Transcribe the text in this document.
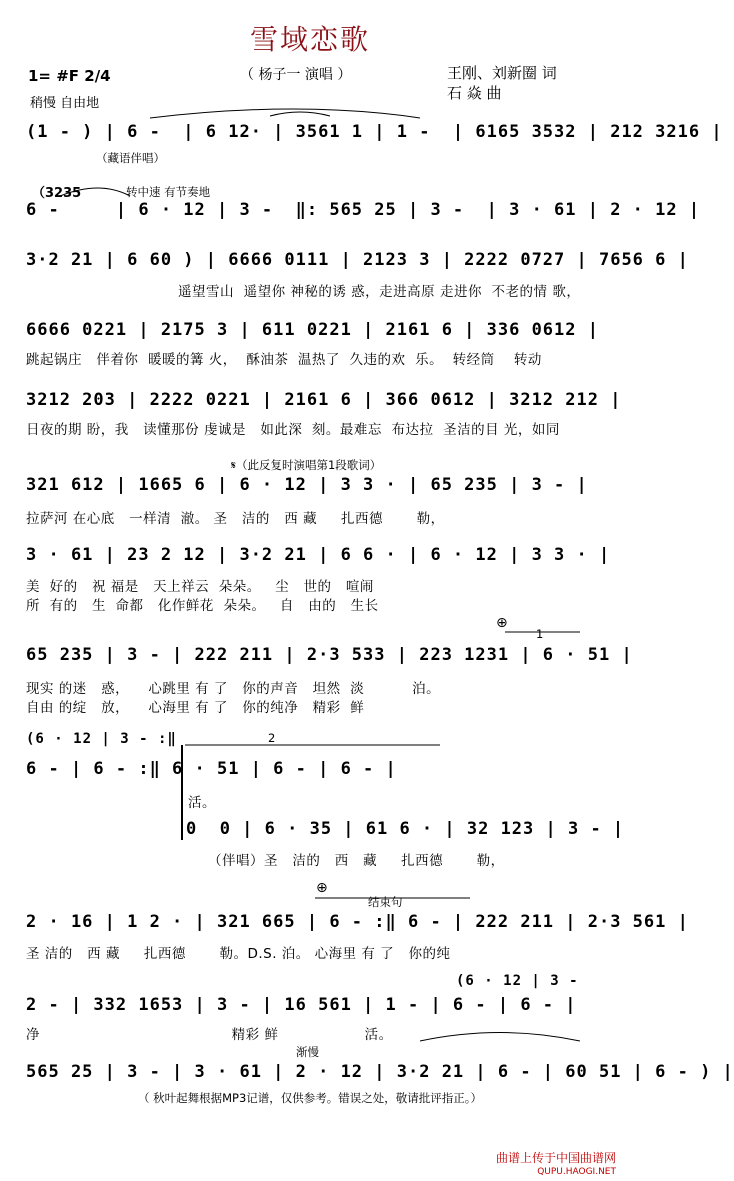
雪域恋歌
（ 杨子一 演唱 ）	王刚、刘新圈 词
石 焱 曲
1= #F 2/4
稍慢 自由地
(1 - ) | 6 -  | 6 12· | 3561 1 | 1 -  | 6165 3532 | 212 3216 |
（藏语伴唱）
（3235	转中速 有节奏地
6 -     | 6 · 12 | 3 -  ‖: 565 25 | 3 -  | 3 · 61 | 2 · 12 |
3·2 21 | 6 60 ) | 6666 0111 | 2123 3 | 2222 0727 | 7656 6 |
遥望雪山  遥望你 神秘的诱 惑，走进高原 走进你  不老的情 歌，
6666 0221 | 2175 3 | 611 0221 | 2161 6 | 336 0612 |
跳起锅庄   伴着你  暖暖的篝 火，  酥油茶  温热了  久违的欢  乐。  转经筒    转动
3212 203 | 2222 0221 | 2161 6 | 366 0612 | 3212 212 |
日夜的期 盼，我   读懂那份 虔诚是   如此深  刻。最难忘  布达拉  圣洁的目 光，如同
𝄋（此反复时演唱第1段歌词）
321 612 | 1665 6 | 6 · 12 | 3 3 · | 65 235 | 3 - |
拉萨河 在心底   一样清  澈。 圣   洁的   西 藏     扎西德       勒，
3 · 61 | 23 2 12 | 3·2 21 | 6 6 · | 6 · 12 | 3 3 · |
美  好的   祝 福是   天上祥云  朵朵。   尘   世的   喧闹
所  有的   生  命都   化作鲜花  朵朵。   自   由的   生长
⊕
1
65 235 | 3 - | 222 211 | 2·3 533 | 223 1231 | 6 · 51 |
现实 的迷   惑，    心跳里 有 了   你的声音   坦然  淡          泊。
自由 的绽   放，    心海里 有 了   你的纯净   精彩  鲜
(6 · 12 | 3 - :‖	2
6 - | 6 - :‖ 6 · 51 | 6 - | 6 - |
活。
0  0 | 6 · 35 | 61 6 · | 32 123 | 3 - |
（伴唱）圣   洁的   西   藏     扎西德       勒，
⊕
结束句
2 · 16 | 1 2 · | 321 665 | 6 - :‖ 6 - | 222 211 | 2·3 561 |
圣 洁的   西 藏     扎西德       勒。D.S. 泊。 心海里 有 了   你的纯
(6 · 12 | 3 -
2 - | 332 1653 | 3 - | 16 561 | 1 - | 6 - | 6 - |
净                                        精彩 鲜                  活。
渐慢
565 25 | 3 - | 3 · 61 | 2 · 12 | 3·2 21 | 6 - | 60 51 | 6 - ) |
（ 秋叶起舞根据MP3记谱，仅供参考。错误之处，敬请批评指正。）
曲谱上传于中国曲谱网
QUPU.HAOGI.NET
